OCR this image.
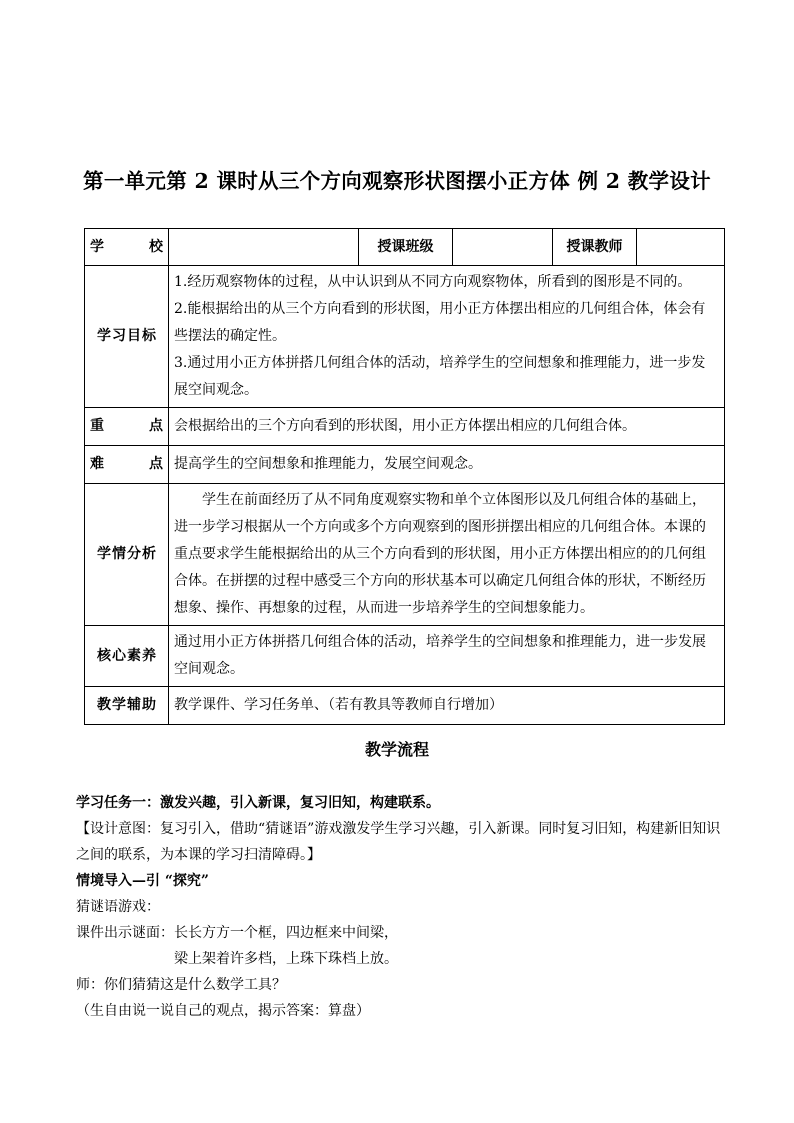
第一单元第 2 课时从三个方向观察形状图摆小正方体 例 2 教学设计
学 校		授课班级		授课教师	
学习目标	1.经历观察物体的过程，从中认识到从不同方向观察物体，所看到的图形是不同的。

2.能根据给出的从三个方向看到的形状图，用小正方体摆出相应的几何组合体，体会有些摆法的确定性。

3.通过用小正方体拼搭几何组合体的活动，培养学生的空间想象和推理能力，进一步发展空间观念。				

重 点	会根据给出的三个方向看到的形状图，用小正方体摆出相应的几何组合体。				
难 点	提高学生的空间想象和推理能力，发展空间观念。				
学情分析	学生在前面经历了从不同角度观察实物和单个立体图形以及几何组合体的基础上，进一步学习根据从一个方向或多个方向观察到的图形拼摆出相应的几何组合体。本课的重点要求学生能根据给出的从三个方向看到的形状图，用小正方体摆出相应的的几何组合体。在拼摆的过程中感受三个方向的形状基本可以确定几何组合体的形状，不断经历想象、操作、再想象的过程，从而进一步培养学生的空间想象能力。				

核心素养	通过用小正方体拼搭几何组合体的活动，培养学生的空间想象和推理能力，进一步发展空间观念。				
教学辅助	教学课件、学习任务单、（若有教具等教师自行增加）				
教学流程

学习任务一：激发兴趣，引入新课，复习旧知，构建联系。

【设计意图：复习引入，借助“猜谜语”游戏激发学生学习兴趣，引入新课。同时复习旧知，构建新旧知识之间的联系，为本课的学习扫清障碍。】

情境导入—引 “探究”

猜谜语游戏：

课件出示谜面：长长方方一个框，四边框来中间梁，

梁上架着许多档，上珠下珠档上放。

师：你们猜猜这是什么数学工具？

（生自由说一说自己的观点，揭示答案：算盘）
